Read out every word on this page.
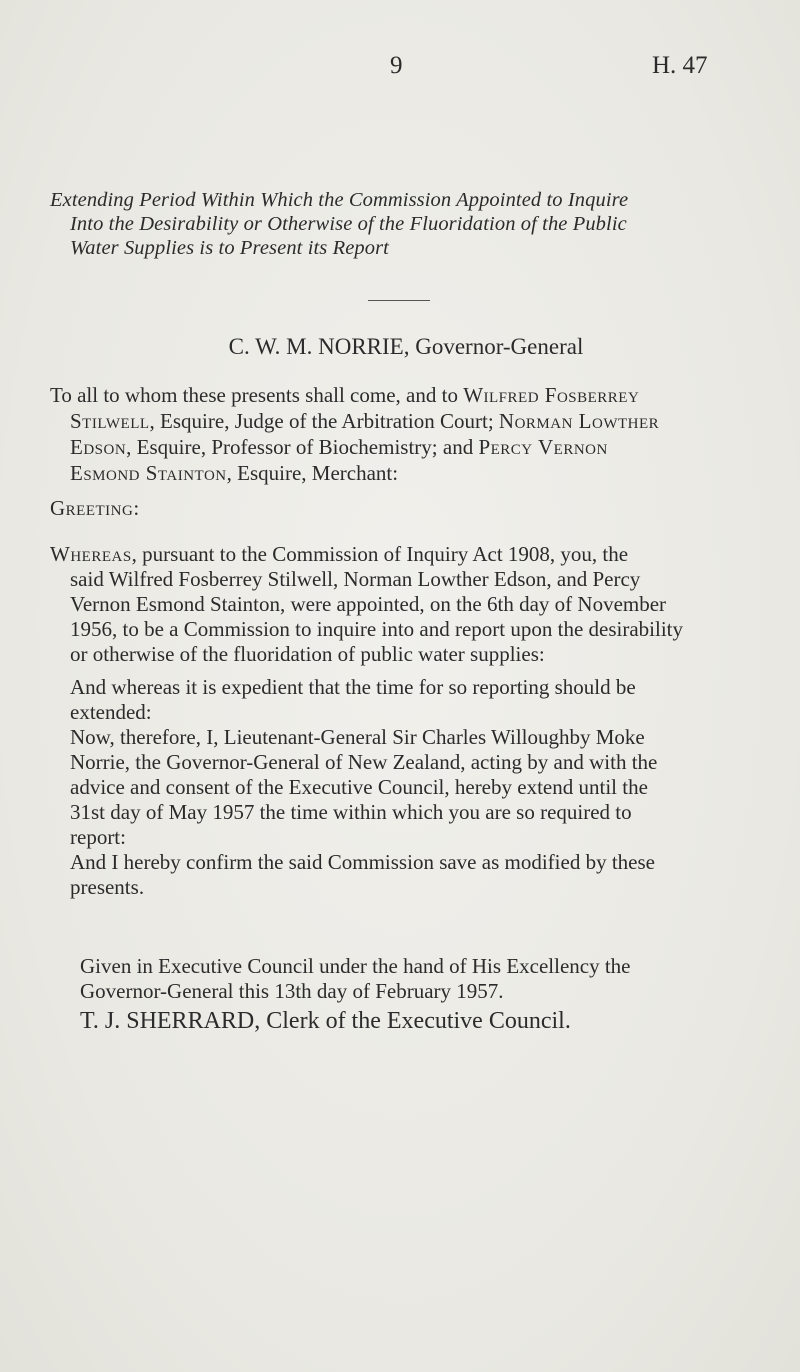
9	H. 47
Extending Period Within Which the Commission Appointed to Inquire
Into the Desirability or Otherwise of the Fluoridation of the Public
Water Supplies is to Present its Report
C. W. M. NORRIE, Governor-General
To all to whom these presents shall come, and to Wilfred Fosberrey
Stilwell, Esquire, Judge of the Arbitration Court; Norman Lowther
Edson, Esquire, Professor of Biochemistry; and Percy Vernon
Esmond Stainton, Esquire, Merchant:
Greeting:
Whereas, pursuant to the Commission of Inquiry Act 1908, you, the
said Wilfred Fosberrey Stilwell, Norman Lowther Edson, and Percy
Vernon Esmond Stainton, were appointed, on the 6th day of November
1956, to be a Commission to inquire into and report upon the desirability
or otherwise of the fluoridation of public water supplies:
And whereas it is expedient that the time for so reporting should be
extended:
Now, therefore, I, Lieutenant-General Sir Charles Willoughby Moke
Norrie, the Governor-General of New Zealand, acting by and with the
advice and consent of the Executive Council, hereby extend until the
31st day of May 1957 the time within which you are so required to
report:
And I hereby confirm the said Commission save as modified by these
presents.
Given in Executive Council under the hand of His Excellency the
Governor-General this 13th day of February 1957.
T. J. SHERRARD, Clerk of the Executive Council.
